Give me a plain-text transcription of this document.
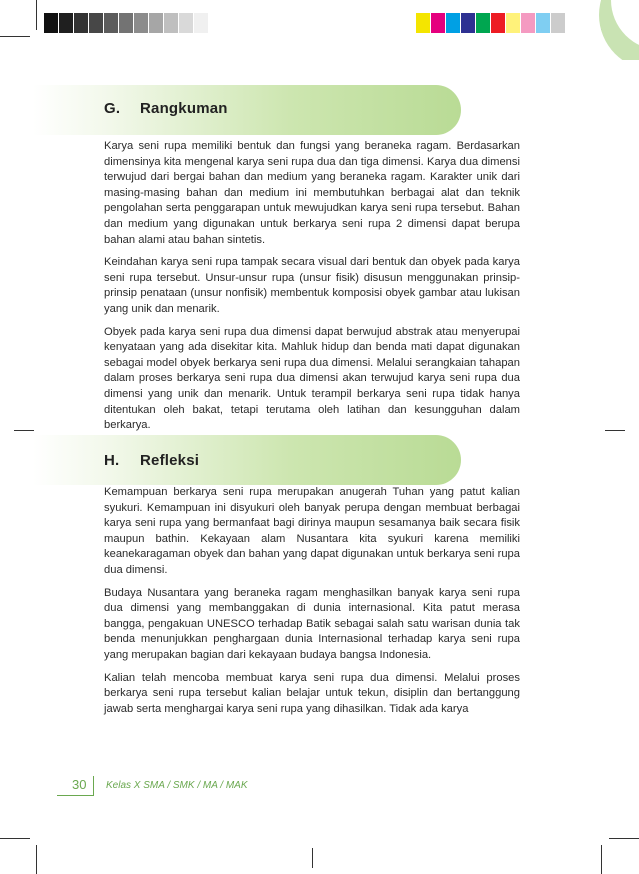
G. Rangkuman

Karya seni rupa memiliki bentuk dan fungsi yang beraneka ragam. Berdasarkan dimensinya kita mengenal karya seni rupa dua dan tiga dimensi. Karya dua dimensi terwujud dari bergai bahan dan medium yang beraneka ragam. Karakter unik dari masing-masing bahan dan medium ini membutuhkan berbagai alat dan teknik pengolahan serta penggarapan untuk mewujudkan karya seni rupa tersebut. Bahan dan medium yang digunakan untuk berkarya seni rupa 2 dimensi dapat berupa bahan alami atau bahan sintetis.

Keindahan karya seni rupa tampak secara visual dari bentuk dan obyek pada karya seni rupa tersebut. Unsur-unsur rupa (unsur fisik) disusun menggunakan prinsip-prinsip penataan (unsur nonfisik) membentuk komposisi obyek gambar atau lukisan yang unik dan menarik.

Obyek pada karya seni rupa dua dimensi dapat berwujud abstrak atau menyerupai kenyataan yang ada disekitar kita. Mahluk hidup dan benda mati dapat digunakan sebagai model obyek berkarya seni rupa dua dimensi. Melalui serangkaian tahapan dalam proses berkarya seni rupa dua dimensi akan terwujud karya seni rupa dua dimensi yang unik dan menarik. Untuk terampil berkarya seni rupa tidak hanya ditentukan oleh bakat, tetapi terutama oleh latihan dan kesungguhan dalam berkarya.

H. Refleksi

Kemampuan berkarya seni rupa merupakan anugerah Tuhan yang patut kalian syukuri. Kemampuan ini disyukuri oleh banyak perupa dengan membuat berbagai karya seni rupa yang bermanfaat bagi dirinya maupun sesamanya baik secara fisik maupun bathin. Kekayaan alam Nusantara kita syukuri karena memiliki keanekaragaman obyek dan bahan yang dapat digunakan untuk berkarya seni rupa dua dimensi.

Budaya Nusantara yang beraneka ragam menghasilkan banyak karya seni rupa dua dimensi yang membanggakan di dunia internasional. Kita patut merasa bangga, pengakuan UNESCO terhadap Batik sebagai salah satu warisan dunia tak benda menunjukkan penghargaan dunia Internasional terhadap karya seni rupa yang merupakan bagian dari kekayaan budaya bangsa Indonesia.

Kalian telah mencoba membuat karya seni rupa dua dimensi. Melalui proses berkarya seni rupa tersebut kalian belajar untuk tekun, disiplin dan bertanggung jawab serta menghargai karya seni rupa yang dihasilkan. Tidak ada karya

30 Kelas X SMA / SMK / MA / MAK
